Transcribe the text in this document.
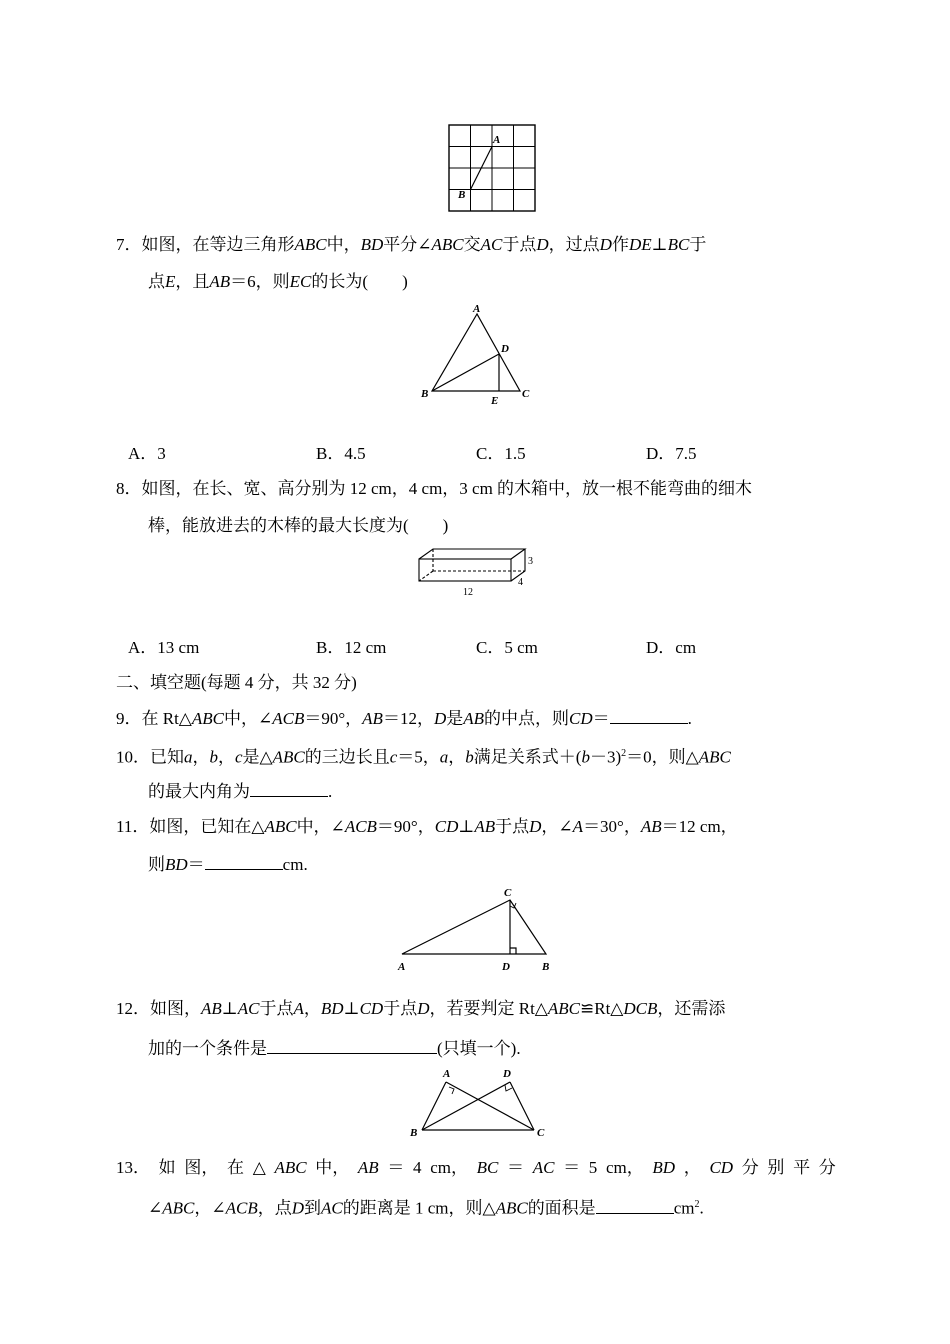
A
B
7．如图，在等边三角形ABC中，BD平分∠ABC交AC于点D，过点D作DE⊥BC于
点E，且AB＝6，则EC的长为(　　)
A
B	C
D
E
A．3	B．4.5	C．1.5	D．7.5
8．如图，在长、宽、高分别为 12 cm，4 cm，3 cm 的木箱中，放一根不能弯曲的细木
棒，能放进去的木棒的最大长度为(　　)
12
4
3
A．13 cm	B．12 cm	C．5 cm	D．cm
二、填空题(每题 4 分，共 32 分)
9．在 Rt△ABC中，∠ACB＝90°，AB＝12，D是AB的中点，则CD＝	.
10．已知a，b，c是△ABC的三边长且c＝5，a，b满足关系式$+(b-3)^2=0$，则△ABC
的最大内角为	.
11．如图，已知在△ABC中，∠ACB＝90°，CD⊥AB于点D，∠A＝30°，AB＝12 cm，
则BD＝	cm.
A
C
D	B
12．如图，AB⊥AC于点A，BD⊥CD于点D，若要判定 Rt△ABC≌Rt△DCB，还需添
加的一个条件是	(只填一个).
A
B	C
D
13． 如 图， 在 △ ABC 中， AB ＝ 4 cm， BC ＝ AC ＝ 5 cm， BD ， CD 分 别 平 分
∠ABC，∠ACB，点D到AC的距离是 1 cm，则△ABC的面积是	$cm^2$.
